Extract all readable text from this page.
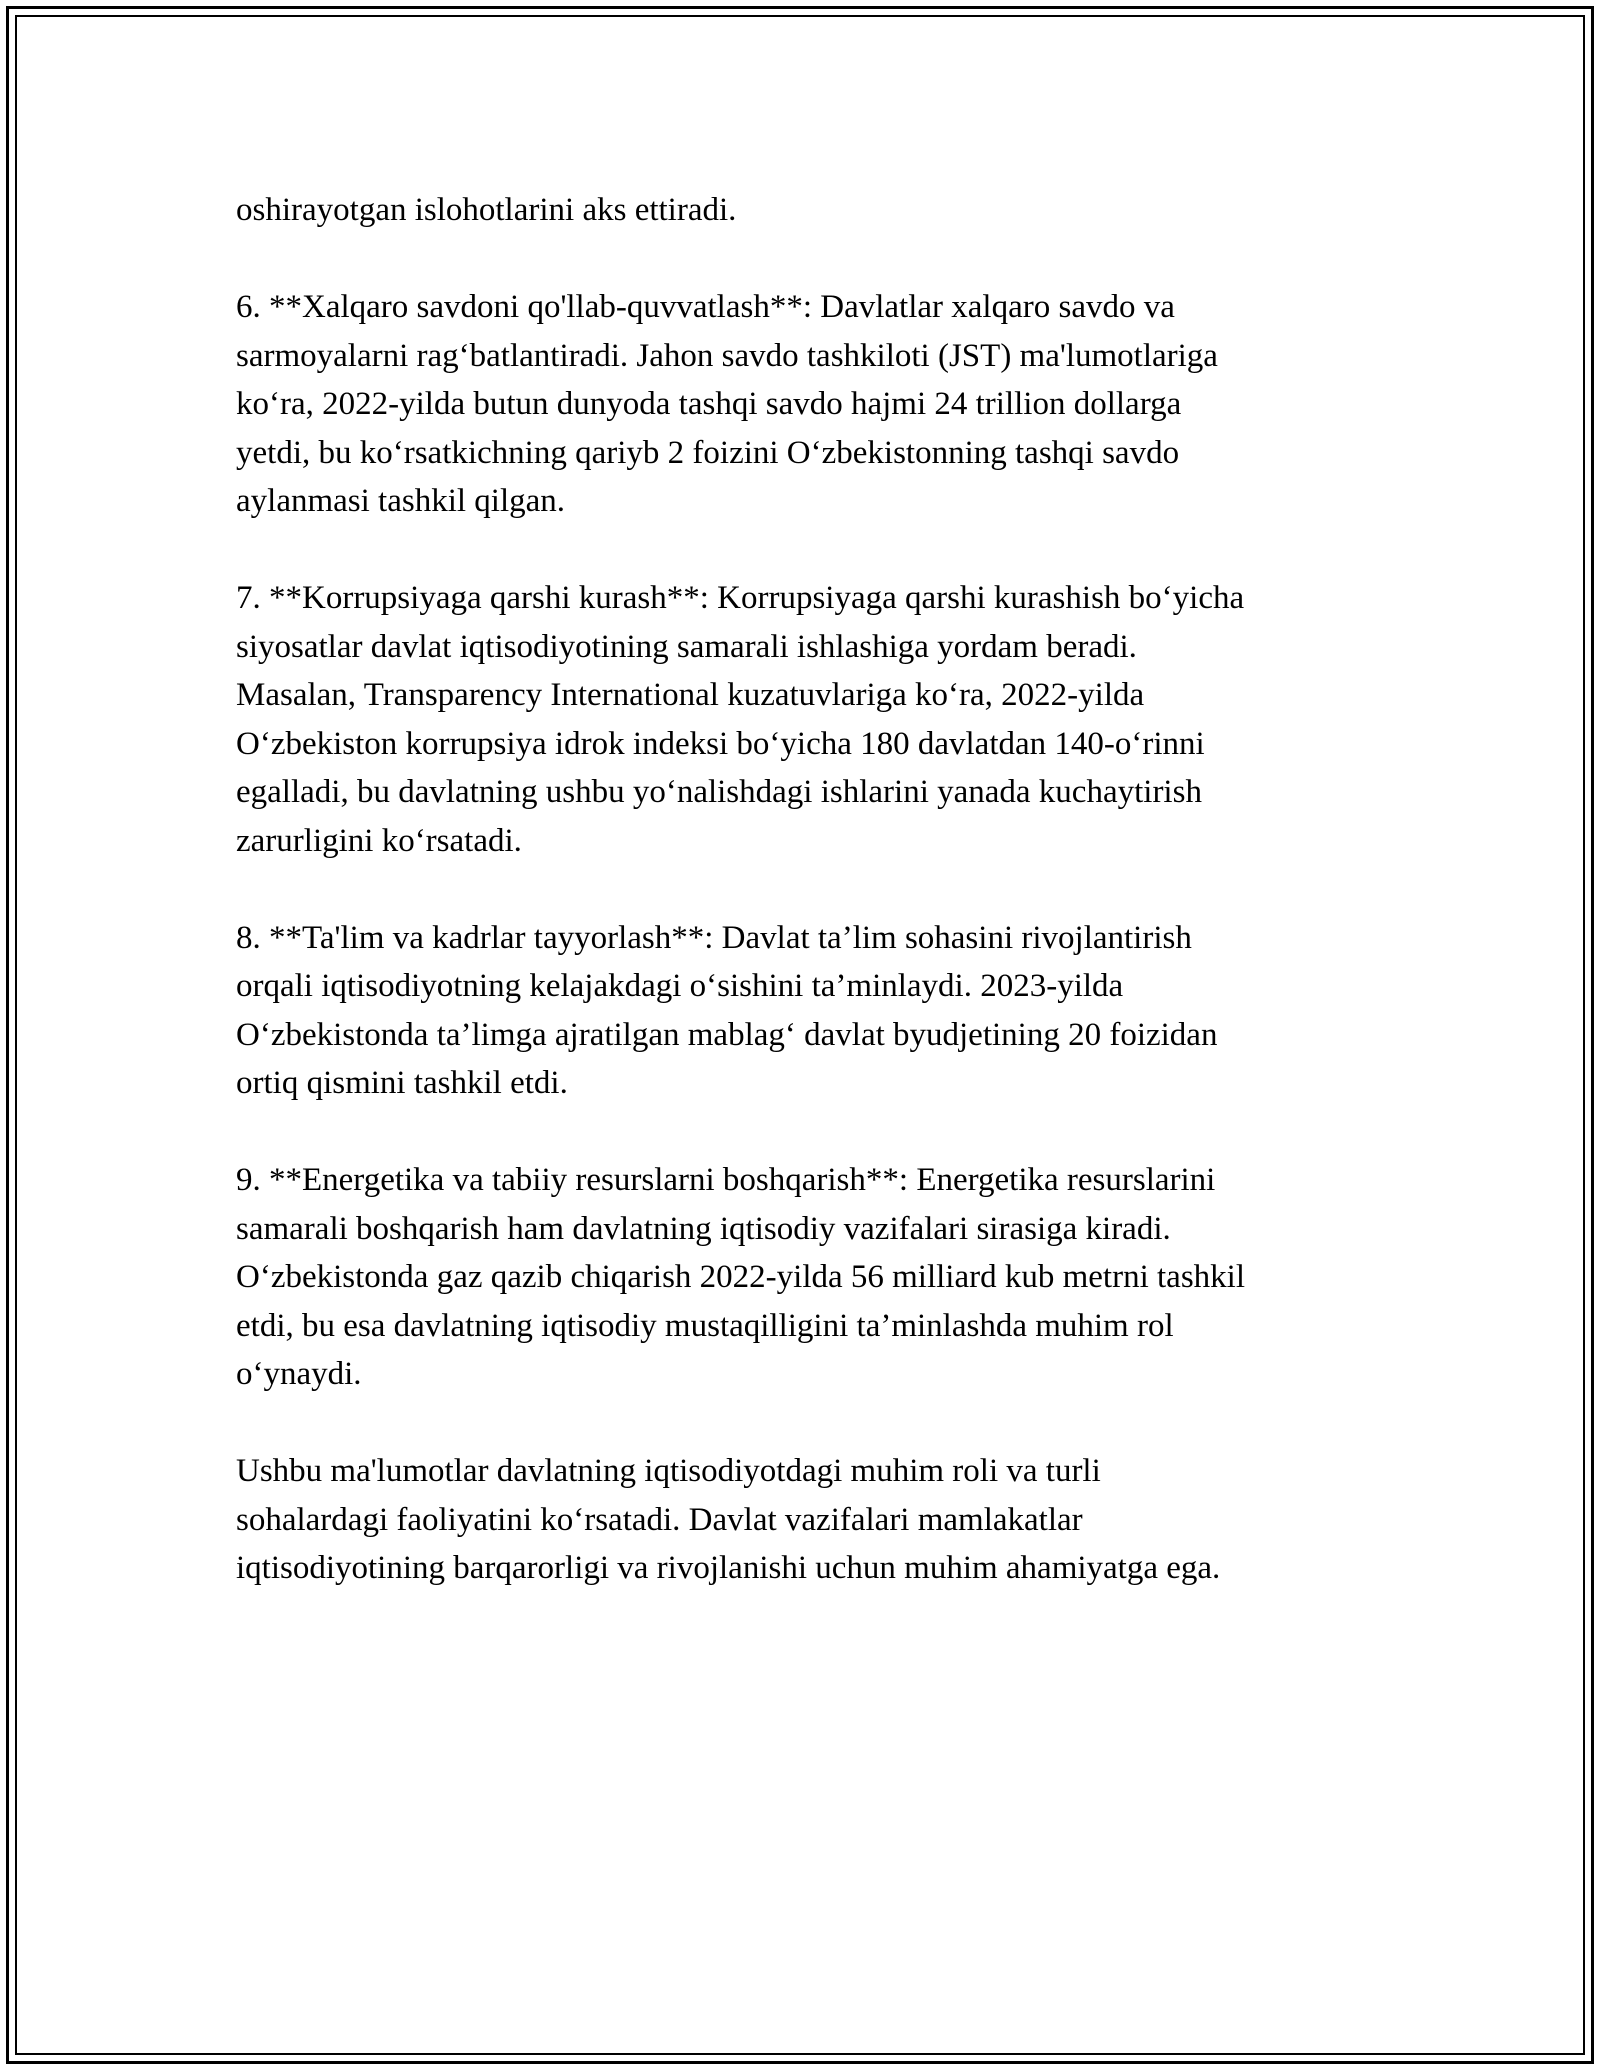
oshirayotgan islohotlarini aks ettiradi.

6. **Xalqaro savdoni qo'llab-quvvatlash**: Davlatlar xalqaro savdo va
sarmoyalarni rag‘batlantiradi. Jahon savdo tashkiloti (JST) ma'lumotlariga
ko‘ra, 2022-yilda butun dunyoda tashqi savdo hajmi 24 trillion dollarga
yetdi, bu ko‘rsatkichning qariyb 2 foizini O‘zbekistonning tashqi savdo
aylanmasi tashkil qilgan.

7. **Korrupsiyaga qarshi kurash**: Korrupsiyaga qarshi kurashish bo‘yicha
siyosatlar davlat iqtisodiyotining samarali ishlashiga yordam beradi.
Masalan, Transparency International kuzatuvlariga ko‘ra, 2022-yilda
O‘zbekiston korrupsiya idrok indeksi bo‘yicha 180 davlatdan 140-o‘rinni
egalladi, bu davlatning ushbu yo‘nalishdagi ishlarini yanada kuchaytirish
zarurligini ko‘rsatadi.

8. **Ta'lim va kadrlar tayyorlash**: Davlat ta’lim sohasini rivojlantirish
orqali iqtisodiyotning kelajakdagi o‘sishini ta’minlaydi. 2023-yilda
O‘zbekistonda ta’limga ajratilgan mablag‘ davlat byudjetining 20 foizidan
ortiq qismini tashkil etdi.

9. **Energetika va tabiiy resurslarni boshqarish**: Energetika resurslarini
samarali boshqarish ham davlatning iqtisodiy vazifalari sirasiga kiradi.
O‘zbekistonda gaz qazib chiqarish 2022-yilda 56 milliard kub metrni tashkil
etdi, bu esa davlatning iqtisodiy mustaqilligini ta’minlashda muhim rol
o‘ynaydi.

Ushbu ma'lumotlar davlatning iqtisodiyotdagi muhim roli va turli
sohalardagi faoliyatini ko‘rsatadi. Davlat vazifalari mamlakatlar
iqtisodiyotining barqarorligi va rivojlanishi uchun muhim ahamiyatga ega.
